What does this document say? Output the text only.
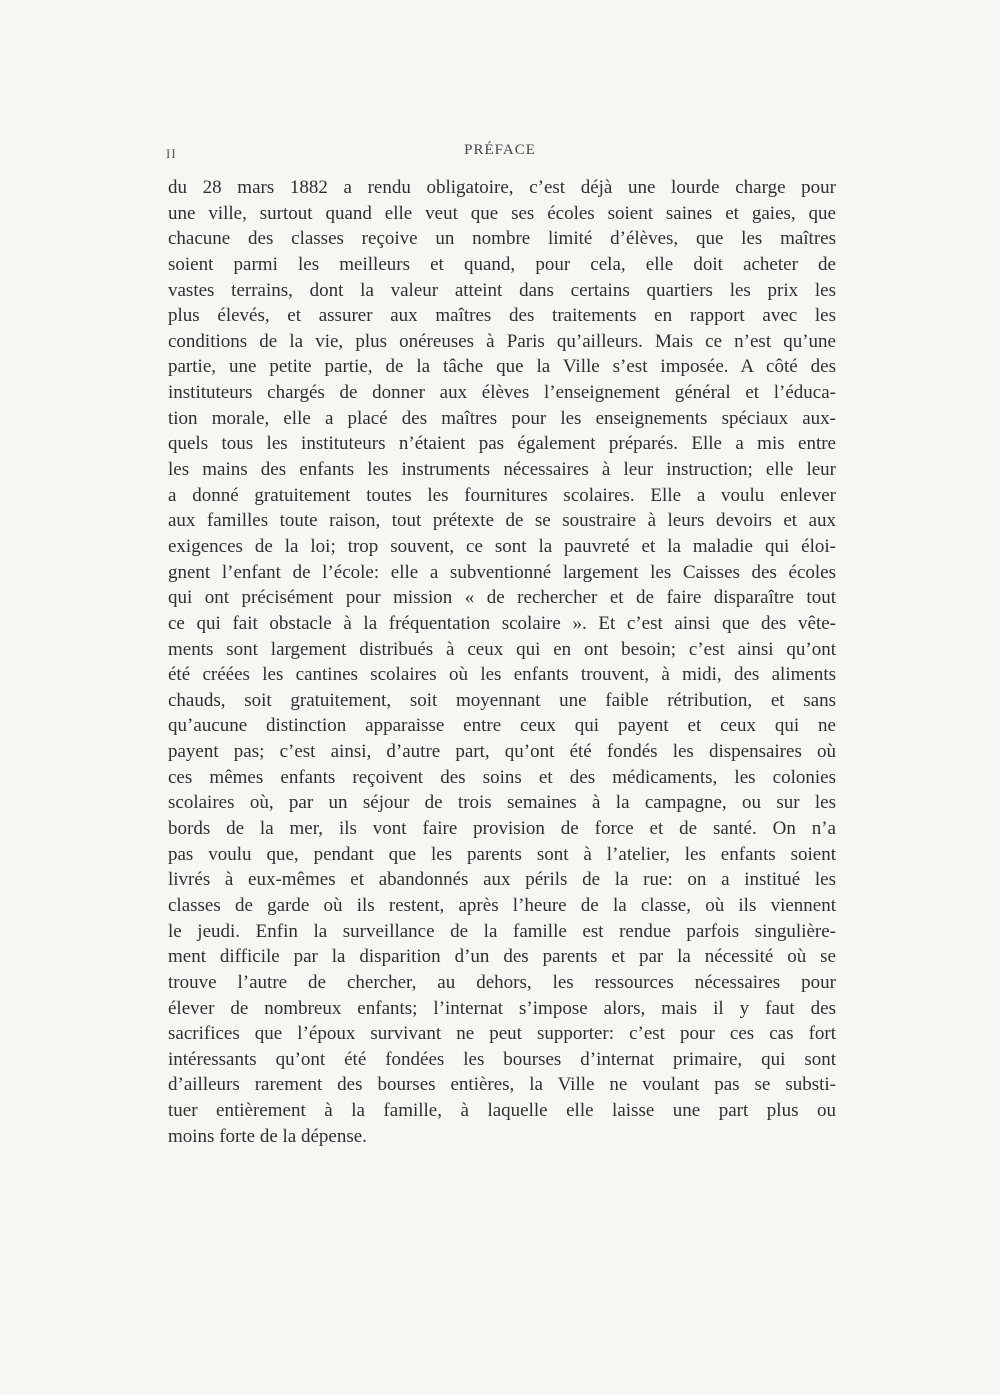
II	PRÉFACE
du 28 mars 1882 a rendu obligatoire, c’est déjà une lourde charge pour
une ville, surtout quand elle veut que ses écoles soient saines et gaies, que
chacune des classes reçoive un nombre limité d’élèves, que les maîtres
soient parmi les meilleurs et quand, pour cela, elle doit acheter de
vastes terrains, dont la valeur atteint dans certains quartiers les prix les
plus élevés, et assurer aux maîtres des traitements en rapport avec les
conditions de la vie, plus onéreuses à Paris qu’ailleurs. Mais ce n’est qu’une
partie, une petite partie, de la tâche que la Ville s’est imposée. A côté des
instituteurs chargés de donner aux élèves l’enseignement général et l’éduca-
tion morale, elle a placé des maîtres pour les enseignements spéciaux aux-
quels tous les instituteurs n’étaient pas également préparés. Elle a mis entre
les mains des enfants les instruments nécessaires à leur instruction; elle leur
a donné gratuitement toutes les fournitures scolaires. Elle a voulu enlever
aux familles toute raison, tout prétexte de se soustraire à leurs devoirs et aux
exigences de la loi; trop souvent, ce sont la pauvreté et la maladie qui éloi-
gnent l’enfant de l’école: elle a subventionné largement les Caisses des écoles
qui ont précisément pour mission « de rechercher et de faire disparaître tout
ce qui fait obstacle à la fréquentation scolaire ». Et c’est ainsi que des vête-
ments sont largement distribués à ceux qui en ont besoin; c’est ainsi qu’ont
été créées les cantines scolaires où les enfants trouvent, à midi, des aliments
chauds, soit gratuitement, soit moyennant une faible rétribution, et sans
qu’aucune distinction apparaisse entre ceux qui payent et ceux qui ne
payent pas; c’est ainsi, d’autre part, qu’ont été fondés les dispensaires où
ces mêmes enfants reçoivent des soins et des médicaments, les colonies
scolaires où, par un séjour de trois semaines à la campagne, ou sur les
bords de la mer, ils vont faire provision de force et de santé. On n’a
pas voulu que, pendant que les parents sont à l’atelier, les enfants soient
livrés à eux-mêmes et abandonnés aux périls de la rue: on a institué les
classes de garde où ils restent, après l’heure de la classe, où ils viennent
le jeudi. Enfin la surveillance de la famille est rendue parfois singulière-
ment difficile par la disparition d’un des parents et par la nécessité où se
trouve l’autre de chercher, au dehors, les ressources nécessaires pour
élever de nombreux enfants; l’internat s’impose alors, mais il y faut des
sacrifices que l’époux survivant ne peut supporter: c’est pour ces cas fort
intéressants qu’ont été fondées les bourses d’internat primaire, qui sont
d’ailleurs rarement des bourses entières, la Ville ne voulant pas se substi-
tuer entièrement à la famille, à laquelle elle laisse une part plus ou
moins forte de la dépense.
